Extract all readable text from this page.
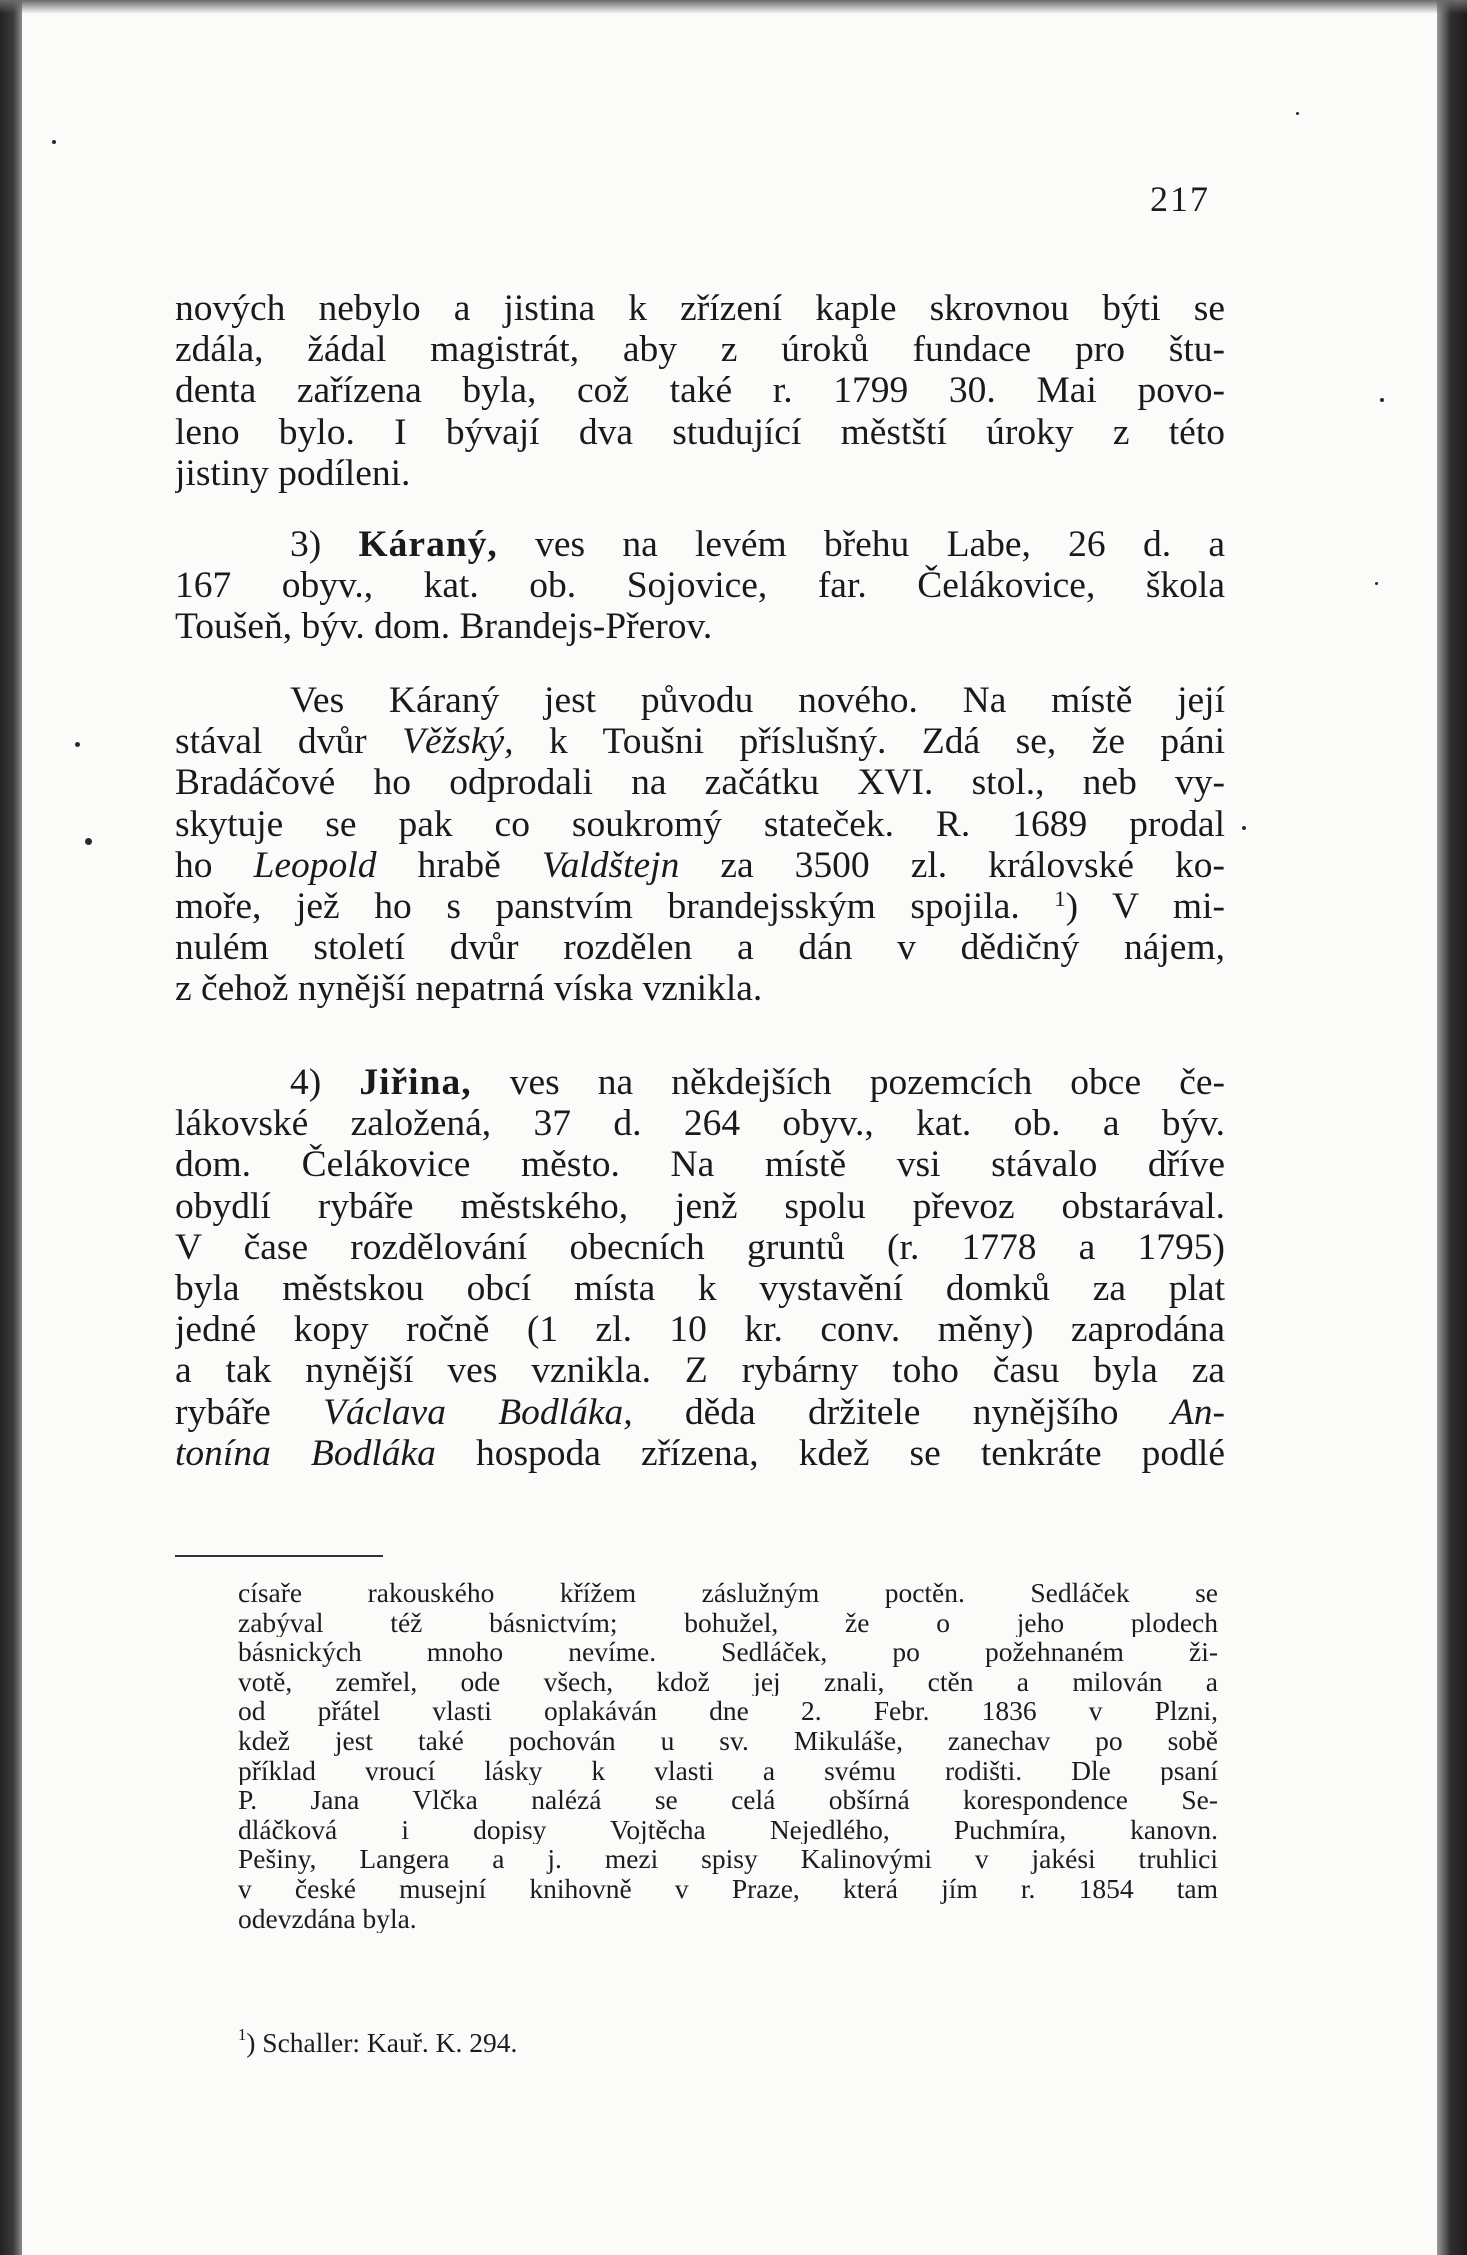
217
nových nebylo a jistina k zřízení kaple skrovnou býti se
zdála, žádal magistrát, aby z úroků fundace pro štu-
denta zařízena byla, což také r. 1799 30. Mai povo-
leno bylo. I bývají dva studující městští úroky z této
jistiny podíleni.
3) Káraný, ves na levém břehu Labe, 26 d. a
167 obyv., kat. ob. Sojovice, far. Čelákovice, škola
Toušeň, býv. dom. Brandejs-Přerov.
Ves Káraný jest původu nového. Na místě její
stával dvůr Věžský, k Toušni příslušný. Zdá se, že páni
Bradáčové ho odprodali na začátku XVI. stol., neb vy-
skytuje se pak co soukromý stateček. R. 1689 prodal
ho Leopold hrabě Valdštejn za 3500 zl. královské ko-
moře, jež ho s panstvím brandejsským spojila. $^1$) V mi-
nulém století dvůr rozdělen a dán v dědičný nájem,
z čehož nynější nepatrná víska vznikla.
4) Jiřina, ves na někdejších pozemcích obce če-
lákovské založená, 37 d. 264 obyv., kat. ob. a býv.
dom. Čelákovice město. Na místě vsi stávalo dříve
obydlí rybáře městského, jenž spolu převoz obstarával.
V čase rozdělování obecních gruntů (r. 1778 a 1795)
byla městskou obcí místa k vystavění domků za plat
jedné kopy ročně (1 zl. 10 kr. conv. měny) zaprodána
a tak nynější ves vznikla. Z rybárny toho času byla za
rybáře Václava Bodláka, děda držitele nynějšího An-
tonína Bodláka hospoda zřízena, kdež se tenkráte podlé
císaře rakouského křížem záslužným poctěn. Sedláček se
zabýval též básnictvím; bohužel, že o jeho plodech
básnických mnoho nevíme. Sedláček, po požehnaném ži-
votě, zemřel, ode všech, kdož jej znali, ctěn a milován a
od přátel vlasti oplakáván dne 2. Febr. 1836 v Plzni,
kdež jest také pochován u sv. Mikuláše, zanechav po sobě
příklad vroucí lásky k vlasti a svému rodišti. Dle psaní
P. Jana Vlčka nalézá se celá obšírná korespondence Se-
dláčková i dopisy Vojtěcha Nejedlého, Puchmíra, kanovn.
Pešiny, Langera a j. mezi spisy Kalinovými v jakési truhlici
v české musejní knihovně v Praze, která jím r. 1854 tam
odevzdána byla.
$^1$) Schaller: Kauř. K. 294.
